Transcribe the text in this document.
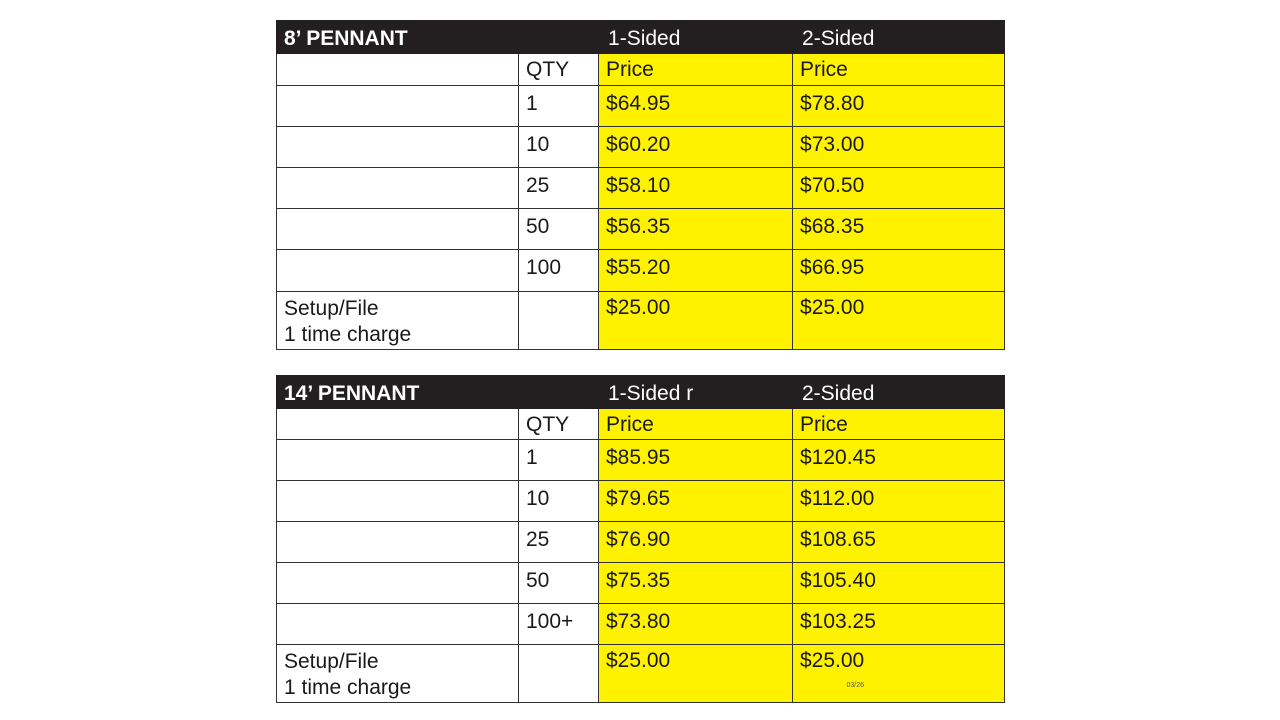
8’ PENNANT		1-Sided	2-Sided
	QTY	Price	Price
	1	$64.95	$78.80
	10	$60.20	$73.00
	25	$58.10	$70.50
	50	$56.35	$68.35
	100	$55.20	$66.95
Setup/File
1 time charge		$25.00	$25.00
14’ PENNANT		1-Sided r	2-Sided
	QTY	Price	Price
	1	$85.95	$120.45
	10	$79.65	$112.00
	25	$76.90	$108.65
	50	$75.35	$105.40
	100+	$73.80	$103.25
Setup/File
1 time charge		$25.00	$25.00
03/26
